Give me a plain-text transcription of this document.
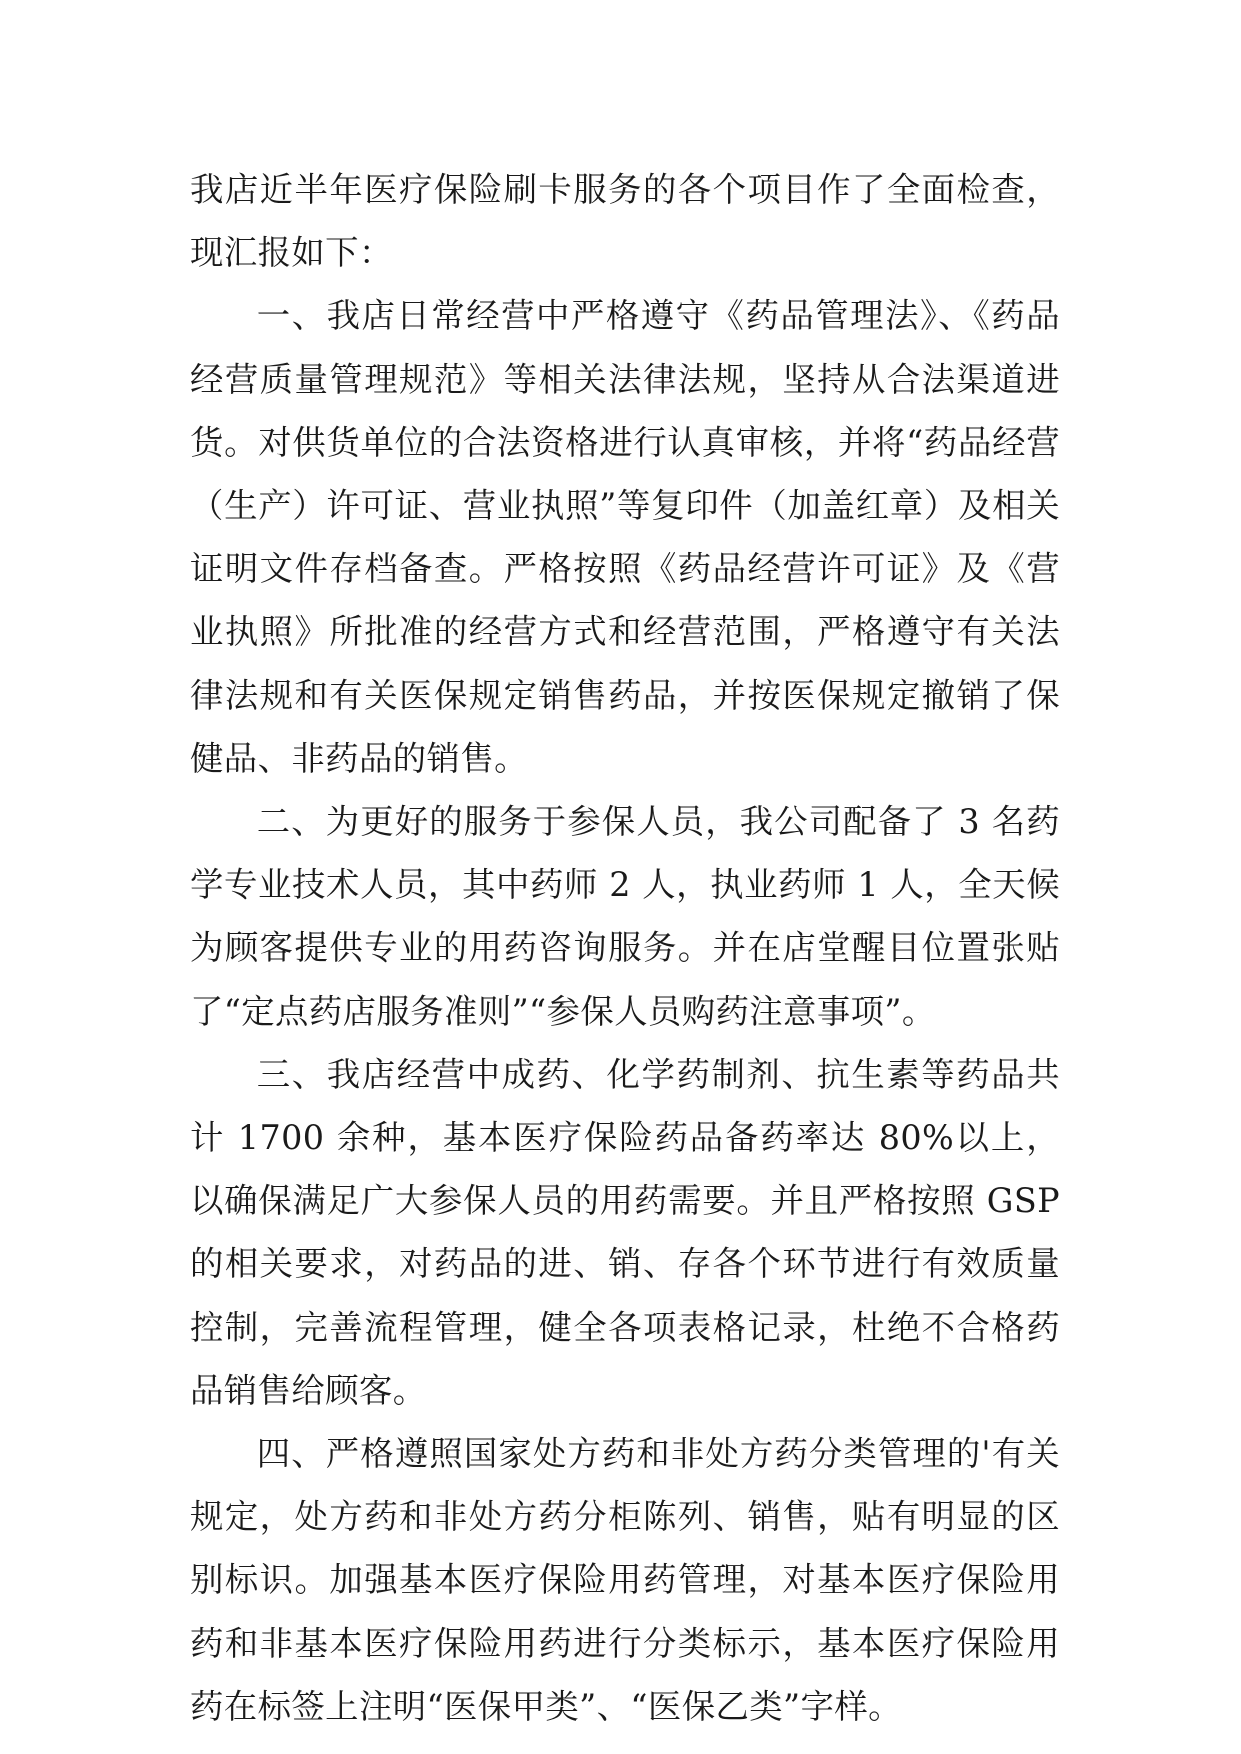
我店近半年医疗保险刷卡服务的各个项目作了全面检查，现汇报如下：

一、我店日常经营中严格遵守《药品管理法》、《药品经营质量管理规范》等相关法律法规，坚持从合法渠道进货。对供货单位的合法资格进行认真审核，并将“药品经营（生产）许可证、营业执照”等复印件（加盖红章）及相关证明文件存档备查。严格按照《药品经营许可证》及《营业执照》所批准的经营方式和经营范围，严格遵守有关法律法规和有关医保规定销售药品，并按医保规定撤销了保健品、非药品的销售。

二、为更好的服务于参保人员，我公司配备了 3 名药学专业技术人员，其中药师 2 人，执业药师 1 人，全天候为顾客提供专业的用药咨询服务。并在店堂醒目位置张贴了“定点药店服务准则”“参保人员购药注意事项”。

三、我店经营中成药、化学药制剂、抗生素等药品共计 1700 余种，基本医疗保险药品备药率达 80%以上，以确保满足广大参保人员的用药需要。并且严格按照 GSP 的相关要求，对药品的进、销、存各个环节进行有效质量控制，完善流程管理，健全各项表格记录，杜绝不合格药品销售给顾客。

四、严格遵照国家处方药和非处方药分类管理的'有关规定，处方药和非处方药分柜陈列、销售，贴有明显的区别标识。加强基本医疗保险用药管理，对基本医疗保险用药和非基本医疗保险用药进行分类标示，基本医疗保险用药在标签上注明“医保甲类”、“医保乙类”字样。
